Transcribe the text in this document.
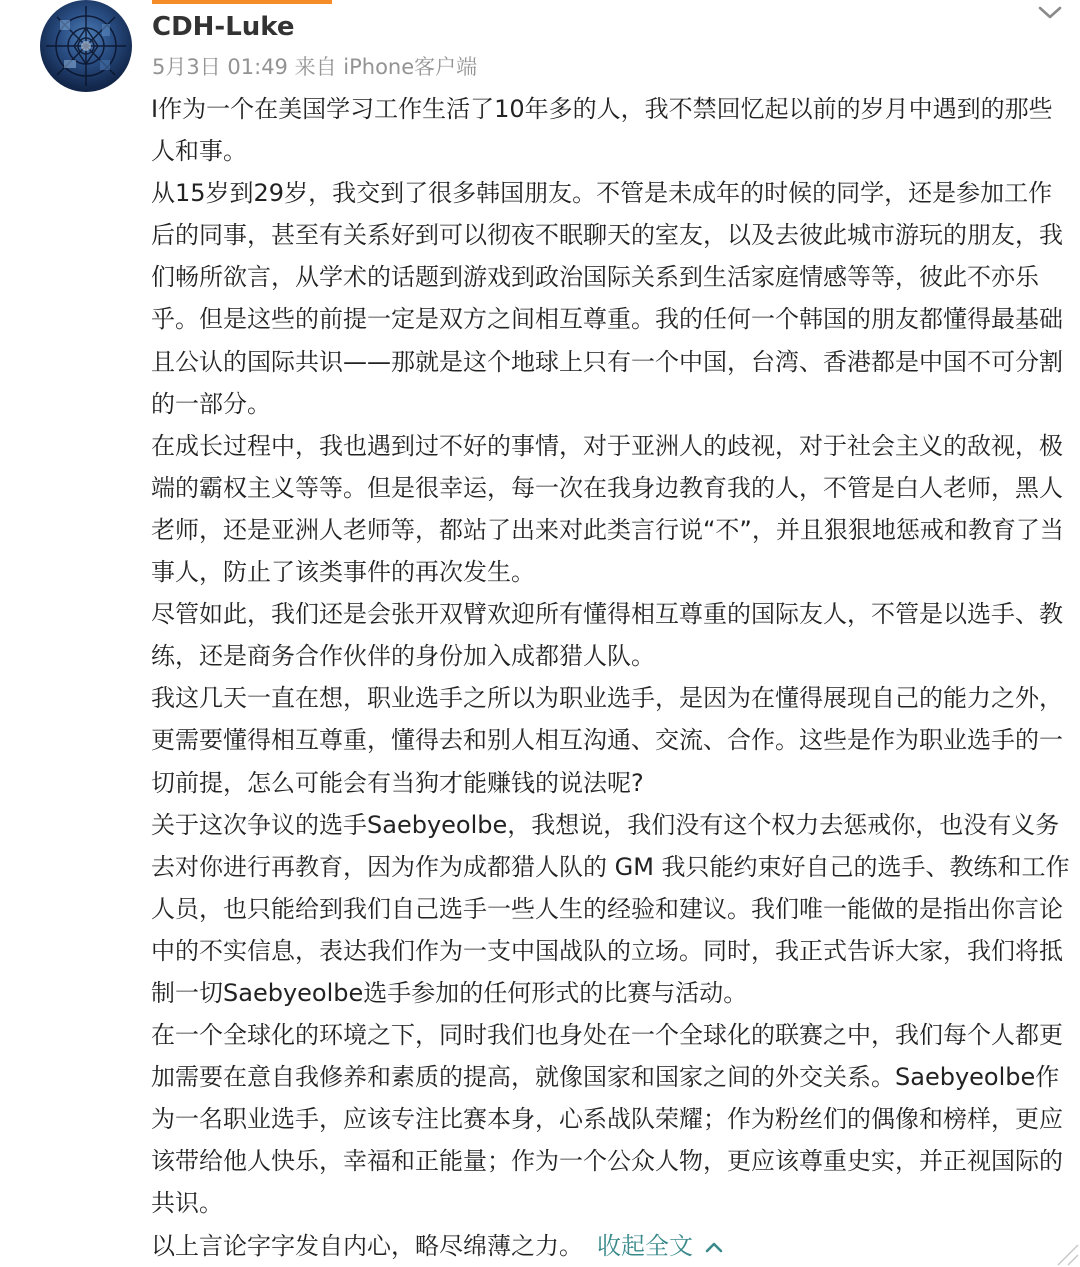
CDH-Luke
5月3日 01:49 来自 iPhone客户端

I作为一个在美国学习工作生活了10年多的人，我不禁回忆起以前的岁月中遇到的那些人和事。

从15岁到29岁，我交到了很多韩国朋友。不管是未成年的时候的同学，还是参加工作后的同事，甚至有关系好到可以彻夜不眠聊天的室友，以及去彼此城市游玩的朋友，我们畅所欲言，从学术的话题到游戏到政治国际关系到生活家庭情感等等，彼此不亦乐乎。但是这些的前提一定是双方之间相互尊重。我的任何一个韩国的朋友都懂得最基础且公认的国际共识——那就是这个地球上只有一个中国，台湾、香港都是中国不可分割的一部分。

在成长过程中，我也遇到过不好的事情，对于亚洲人的歧视，对于社会主义的敌视，极端的霸权主义等等。但是很幸运，每一次在我身边教育我的人，不管是白人老师，黑人老师，还是亚洲人老师等，都站了出来对此类言行说“不”，并且狠狠地惩戒和教育了当事人，防止了该类事件的再次发生。

尽管如此，我们还是会张开双臂欢迎所有懂得相互尊重的国际友人，不管是以选手、教练，还是商务合作伙伴的身份加入成都猎人队。

我这几天一直在想，职业选手之所以为职业选手，是因为在懂得展现自己的能力之外，更需要懂得相互尊重，懂得去和别人相互沟通、交流、合作。这些是作为职业选手的一切前提，怎么可能会有当狗才能赚钱的说法呢?

关于这次争议的选手Saebyeolbe，我想说，我们没有这个权力去惩戒你，也没有义务去对你进行再教育，因为作为成都猎人队的 GM 我只能约束好自己的选手、教练和工作人员，也只能给到我们自己选手一些人生的经验和建议。我们唯一能做的是指出你言论中的不实信息，表达我们作为一支中国战队的立场。同时，我正式告诉大家，我们将抵制一切Saebyeolbe选手参加的任何形式的比赛与活动。

在一个全球化的环境之下，同时我们也身处在一个全球化的联赛之中，我们每个人都更加需要在意自我修养和素质的提高，就像国家和国家之间的外交关系。Saebyeolbe作为一名职业选手，应该专注比赛本身，心系战队荣耀；作为粉丝们的偶像和榜样，更应该带给他人快乐，幸福和正能量；作为一个公众人物，更应该尊重史实，并正视国际的共识。

以上言论字字发自内心，略尽绵薄之力。 收起全文
